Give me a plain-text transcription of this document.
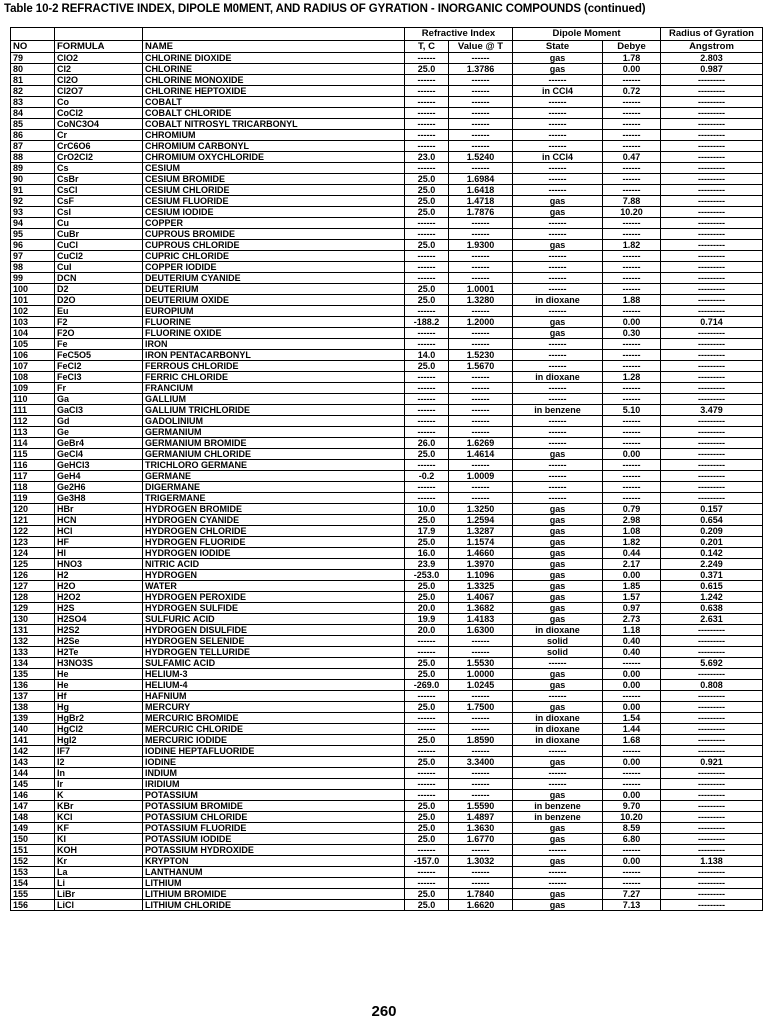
Table 10-2 REFRACTIVE INDEX, DIPOLE M0MENT, AND RADIUS OF GYRATION - INORGANIC COMPOUNDS (continued)
			Refractive Index		Dipole Moment		Radius of Gyration
NO	FORMULA	NAME	T, C	Value @ T	State	Debye	Angstrom
79	ClO2	CHLORINE DIOXIDE	------	------	gas	1.78	2.803
80	Cl2	CHLORINE	25.0	1.3786	gas	0.00	0.987
81	Cl2O	CHLORINE MONOXIDE	------	------	------	------	---------
82	Cl2O7	CHLORINE HEPTOXIDE	------	------	in CCl4	0.72	---------
83	Co	COBALT	------	------	------	------	---------
84	CoCl2	COBALT CHLORIDE	------	------	------	------	---------
85	CoNC3O4	COBALT NITROSYL TRICARBONYL	------	------	------	------	---------
86	Cr	CHROMIUM	------	------	------	------	---------
87	CrC6O6	CHROMIUM CARBONYL	------	------	------	------	---------
88	CrO2Cl2	CHROMIUM OXYCHLORIDE	23.0	1.5240	in CCl4	0.47	---------
89	Cs	CESIUM	------	------	------	------	---------
90	CsBr	CESIUM BROMIDE	25.0	1.6984	------	------	---------
91	CsCl	CESIUM CHLORIDE	25.0	1.6418	------	------	---------
92	CsF	CESIUM FLUORIDE	25.0	1.4718	gas	7.88	---------
93	CsI	CESIUM IODIDE	25.0	1.7876	gas	10.20	---------
94	Cu	COPPER	------	------	------	------	---------
95	CuBr	CUPROUS BROMIDE	------	------	------	------	---------
96	CuCl	CUPROUS CHLORIDE	25.0	1.9300	gas	1.82	---------
97	CuCl2	CUPRIC CHLORIDE	------	------	------	------	---------
98	CuI	COPPER IODIDE	------	------	------	------	---------
99	DCN	DEUTERIUM CYANIDE	------	------	------	------	---------
100	D2	DEUTERIUM	25.0	1.0001	------	------	---------
101	D2O	DEUTERIUM OXIDE	25.0	1.3280	in dioxane	1.88	---------
102	Eu	EUROPIUM	------	------	------	------	---------
103	F2	FLUORINE	-188.2	1.2000	gas	0.00	0.714
104	F2O	FLUORINE OXIDE	------	------	gas	0.30	---------
105	Fe	IRON	------	------	------	------	---------
106	FeC5O5	IRON PENTACARBONYL	14.0	1.5230	------	------	---------
107	FeCl2	FERROUS CHLORIDE	25.0	1.5670	------	------	---------
108	FeCl3	FERRIC CHLORIDE	------	------	in dioxane	1.28	---------
109	Fr	FRANCIUM	------	------	------	------	---------
110	Ga	GALLIUM	------	------	------	------	---------
111	GaCl3	GALLIUM TRICHLORIDE	------	------	in benzene	5.10	3.479
112	Gd	GADOLINIUM	------	------	------	------	---------
113	Ge	GERMANIUM	------	------	------	------	---------
114	GeBr4	GERMANIUM BROMIDE	26.0	1.6269	------	------	---------
115	GeCl4	GERMANIUM CHLORIDE	25.0	1.4614	gas	0.00	---------
116	GeHCl3	TRICHLORO GERMANE	------	------	------	------	---------
117	GeH4	GERMANE	-0.2	1.0009	------	------	---------
118	Ge2H6	DIGERMANE	------	------	------	------	---------
119	Ge3H8	TRIGERMANE	------	------	------	------	---------
120	HBr	HYDROGEN BROMIDE	10.0	1.3250	gas	0.79	0.157
121	HCN	HYDROGEN CYANIDE	25.0	1.2594	gas	2.98	0.654
122	HCl	HYDROGEN CHLORIDE	17.9	1.3287	gas	1.08	0.209
123	HF	HYDROGEN FLUORIDE	25.0	1.1574	gas	1.82	0.201
124	HI	HYDROGEN IODIDE	16.0	1.4660	gas	0.44	0.142
125	HNO3	NITRIC ACID	23.9	1.3970	gas	2.17	2.249
126	H2	HYDROGEN	-253.0	1.1096	gas	0.00	0.371
127	H2O	WATER	25.0	1.3325	gas	1.85	0.615
128	H2O2	HYDROGEN PEROXIDE	25.0	1.4067	gas	1.57	1.242
129	H2S	HYDROGEN SULFIDE	20.0	1.3682	gas	0.97	0.638
130	H2SO4	SULFURIC ACID	19.9	1.4183	gas	2.73	2.631
131	H2S2	HYDROGEN DISULFIDE	20.0	1.6300	in dioxane	1.18	---------
132	H2Se	HYDROGEN SELENIDE	------	------	solid	0.40	---------
133	H2Te	HYDROGEN TELLURIDE	------	------	solid	0.40	---------
134	H3NO3S	SULFAMIC ACID	25.0	1.5530	------	------	5.692
135	He	HELIUM-3	25.0	1.0000	gas	0.00	---------
136	He	HELIUM-4	-269.0	1.0245	gas	0.00	0.808
137	Hf	HAFNIUM	------	------	------	------	---------
138	Hg	MERCURY	25.0	1.7500	gas	0.00	---------
139	HgBr2	MERCURIC BROMIDE	------	------	in dioxane	1.54	---------
140	HgCl2	MERCURIC CHLORIDE	------	------	in dioxane	1.44	---------
141	HgI2	MERCURIC IODIDE	25.0	1.8590	in dioxane	1.68	---------
142	IF7	IODINE HEPTAFLUORIDE	------	------	------	------	---------
143	I2	IODINE	25.0	3.3400	gas	0.00	0.921
144	In	INDIUM	------	------	------	------	---------
145	Ir	IRIDIUM	------	------	------	------	---------
146	K	POTASSIUM	------	------	gas	0.00	---------
147	KBr	POTASSIUM BROMIDE	25.0	1.5590	in benzene	9.70	---------
148	KCl	POTASSIUM CHLORIDE	25.0	1.4897	in benzene	10.20	---------
149	KF	POTASSIUM FLUORIDE	25.0	1.3630	gas	8.59	---------
150	KI	POTASSIUM IODIDE	25.0	1.6770	gas	6.80	---------
151	KOH	POTASSIUM HYDROXIDE	------	------	------	------	---------
152	Kr	KRYPTON	-157.0	1.3032	gas	0.00	1.138
153	La	LANTHANUM	------	------	------	------	---------
154	Li	LITHIUM	------	------	------	------	---------
155	LiBr	LITHIUM BROMIDE	25.0	1.7840	gas	7.27	---------
156	LiCl	LITHIUM CHLORIDE	25.0	1.6620	gas	7.13	---------
260
